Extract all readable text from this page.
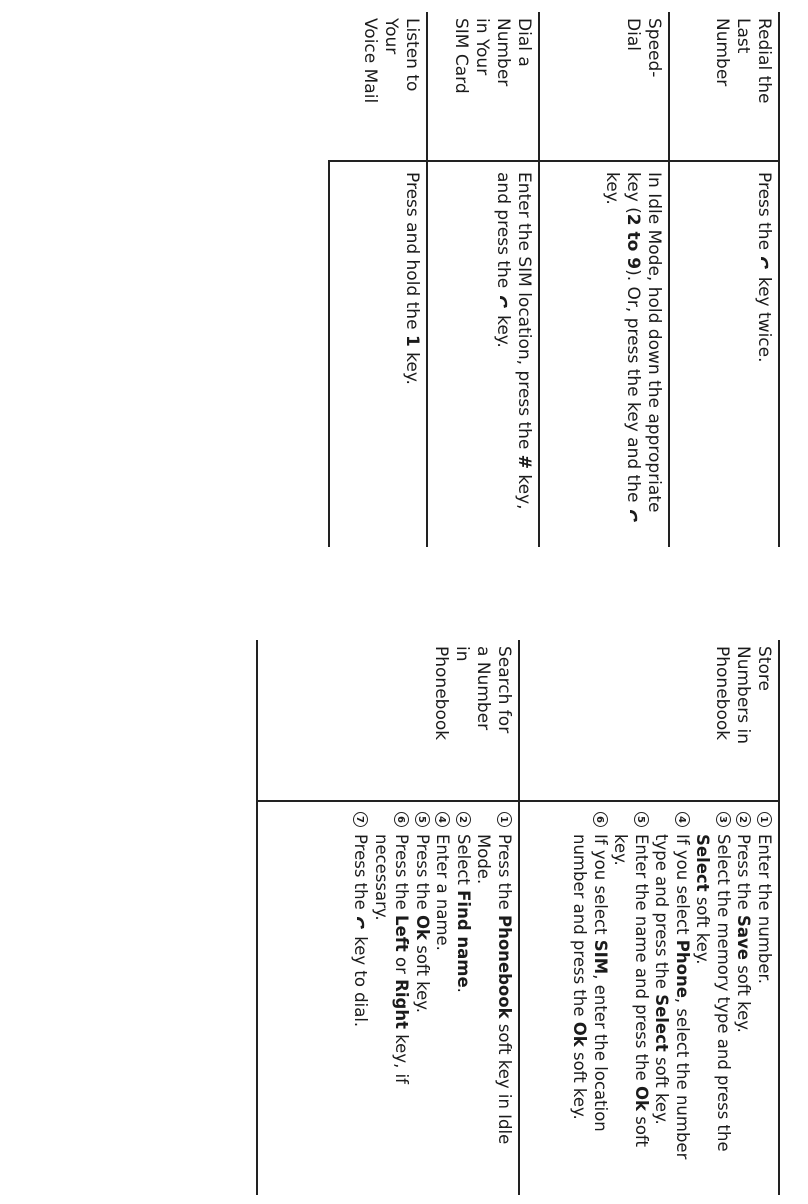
Redial the
Last
Number
Press the  key twice.
Speed-
Dial
In Idle Mode, hold down the appropriate key (2 to 9). Or, press the key and the  key.
Dial a
Number
in Your
SIM Card
Enter the SIM location, press the # key, and press the  key.
Listen to
Your
Voice Mail
Press and hold the 1 key.
Store
Numbers in
Phonebook
1
Enter the number.
2
Press the Save soft key.
3
Select the memory type and press the Select soft key.
4
If you select Phone, select the number type and press the Select soft key.
5
Enter the name and press the Ok soft key.
6
If you select SIM, enter the location number and press the Ok soft key.
Search for
a Number
in
Phonebook
1
Press the Phonebook soft key in Idle Mode.
2
Select Find name.
4
Enter a name.
5
Press the Ok soft key.
6
Press the Left or Right key, if necessary.
7
Press the  key to dial.
